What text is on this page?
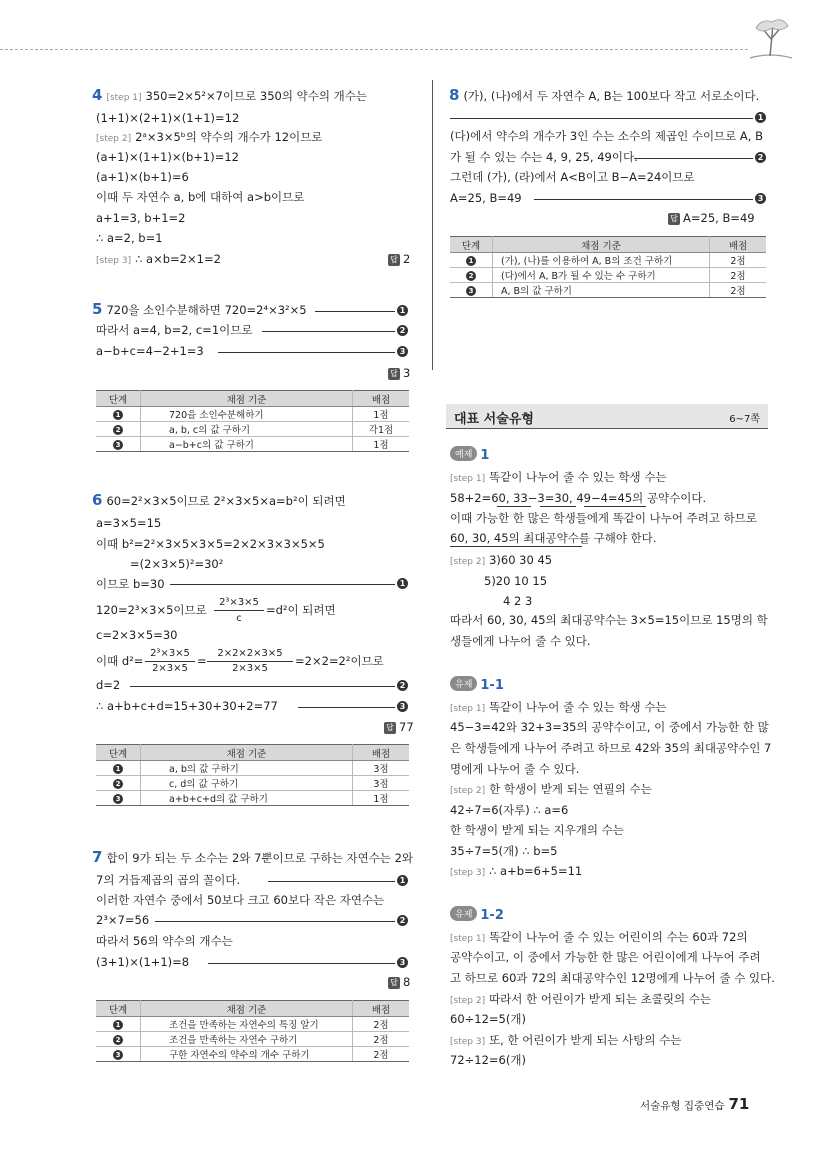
4 [step 1] 350=2×5²×7이므로 350의 약수의 개수는
(1+1)×(2+1)×(1+1)=12
[step 2] 2ᵃ×3×5ᵇ의 약수의 개수가 12이므로
(a+1)×(1+1)×(b+1)=12
(a+1)×(b+1)=6
이때 두 자연수 a, b에 대하여 a>b이므로
a+1=3, b+1=2
∴ a=2, b=1
[step 3] ∴ a×b=2×1=2	답 2
5 720을 소인수분해하면 720=2⁴×3²×5	1
따라서 a=4, b=2, c=1이므로	2
a−b+c=4−2+1=3	3
답 3
단계	채점 기준	배점
1	720을 소인수분해하기	1점
2	a, b, c의 값 구하기	각1점
3	a−b+c의 값 구하기	1점
6 60=2²×3×5이므로 2²×3×5×a=b²이 되려면
a=3×5=15
이때 b²=2²×3×5×3×5=2×2×3×3×5×5
=(2×3×5)²=30²
이므로 b=30	1
120=2³×3×5이므로
2³×3×5
c
=d²이 되려면
c=2×3×5=30
이때 d²=
2³×3×5
2×3×5
=
2×2×2×3×5
2×3×5
=2×2=2²이므로
d=2	2
∴ a+b+c+d=15+30+30+2=77	3
답 77
단계	채점 기준	배점
1	a, b의 값 구하기	3점
2	c, d의 값 구하기	3점
3	a+b+c+d의 값 구하기	1점
7 합이 9가 되는 두 소수는 2와 7뿐이므로 구하는 자연수는 2와
7의 거듭제곱의 곱의 꼴이다.	1
이러한 자연수 중에서 50보다 크고 60보다 작은 자연수는
2³×7=56	2
따라서 56의 약수의 개수는
(3+1)×(1+1)=8	3
답 8
단계	채점 기준	배점
1	조건을 만족하는 자연수의 특징 알기	2점
2	조건을 만족하는 자연수 구하기	2점
3	구한 자연수의 약수의 개수 구하기	2점
8 (가), (나)에서 두 자연수 A, B는 100보다 작고 서로소이다.
1
(다)에서 약수의 개수가 3인 수는 소수의 제곱인 수이므로 A, B
가 될 수 있는 수는 4, 9, 25, 49이다.	2
그런데 (가), (라)에서 A<B이고 B−A=24이므로
A=25, B=49	3
답 A=25, B=49
단계	채점 기준	배점
1	(가), (나)를 이용하여 A, B의 조건 구하기	2점
2	(다)에서 A, B가 될 수 있는 수 구하기	2점
3	A, B의 값 구하기	2점
대표 서술유형	6~7쪽
예제 1
[step 1] 똑같이 나누어 줄 수 있는 학생 수는
58+2=60, 33−3=30, 49−4=45의 공약수이다.
이때 가능한 한 많은 학생들에게 똑같이 나누어 주려고 하므로
60, 30, 45의 최대공약수를 구해야 한다.
[step 2] 3)60 30 45
5)20 10 15
4 2 3
따라서 60, 30, 45의 최대공약수는 3×5=15이므로 15명의 학
생들에게 나누어 줄 수 있다.
유제 1-1
[step 1] 똑같이 나누어 줄 수 있는 학생 수는
45−3=42와 32+3=35의 공약수이고, 이 중에서 가능한 한 많
은 학생들에게 나누어 주려고 하므로 42와 35의 최대공약수인 7
명에게 나누어 줄 수 있다.
[step 2] 한 학생이 받게 되는 연필의 수는
42÷7=6(자루) ∴ a=6
한 학생이 받게 되는 지우개의 수는
35÷7=5(개) ∴ b=5
[step 3] ∴ a+b=6+5=11
유제 1-2
[step 1] 똑같이 나누어 줄 수 있는 어린이의 수는 60과 72의
공약수이고, 이 중에서 가능한 한 많은 어린이에게 나누어 주려
고 하므로 60과 72의 최대공약수인 12명에게 나누어 줄 수 있다.
[step 2] 따라서 한 어린이가 받게 되는 초콜릿의 수는
60÷12=5(개)
[step 3] 또, 한 어린이가 받게 되는 사탕의 수는
72÷12=6(개)
서술유형 집중연습 71
